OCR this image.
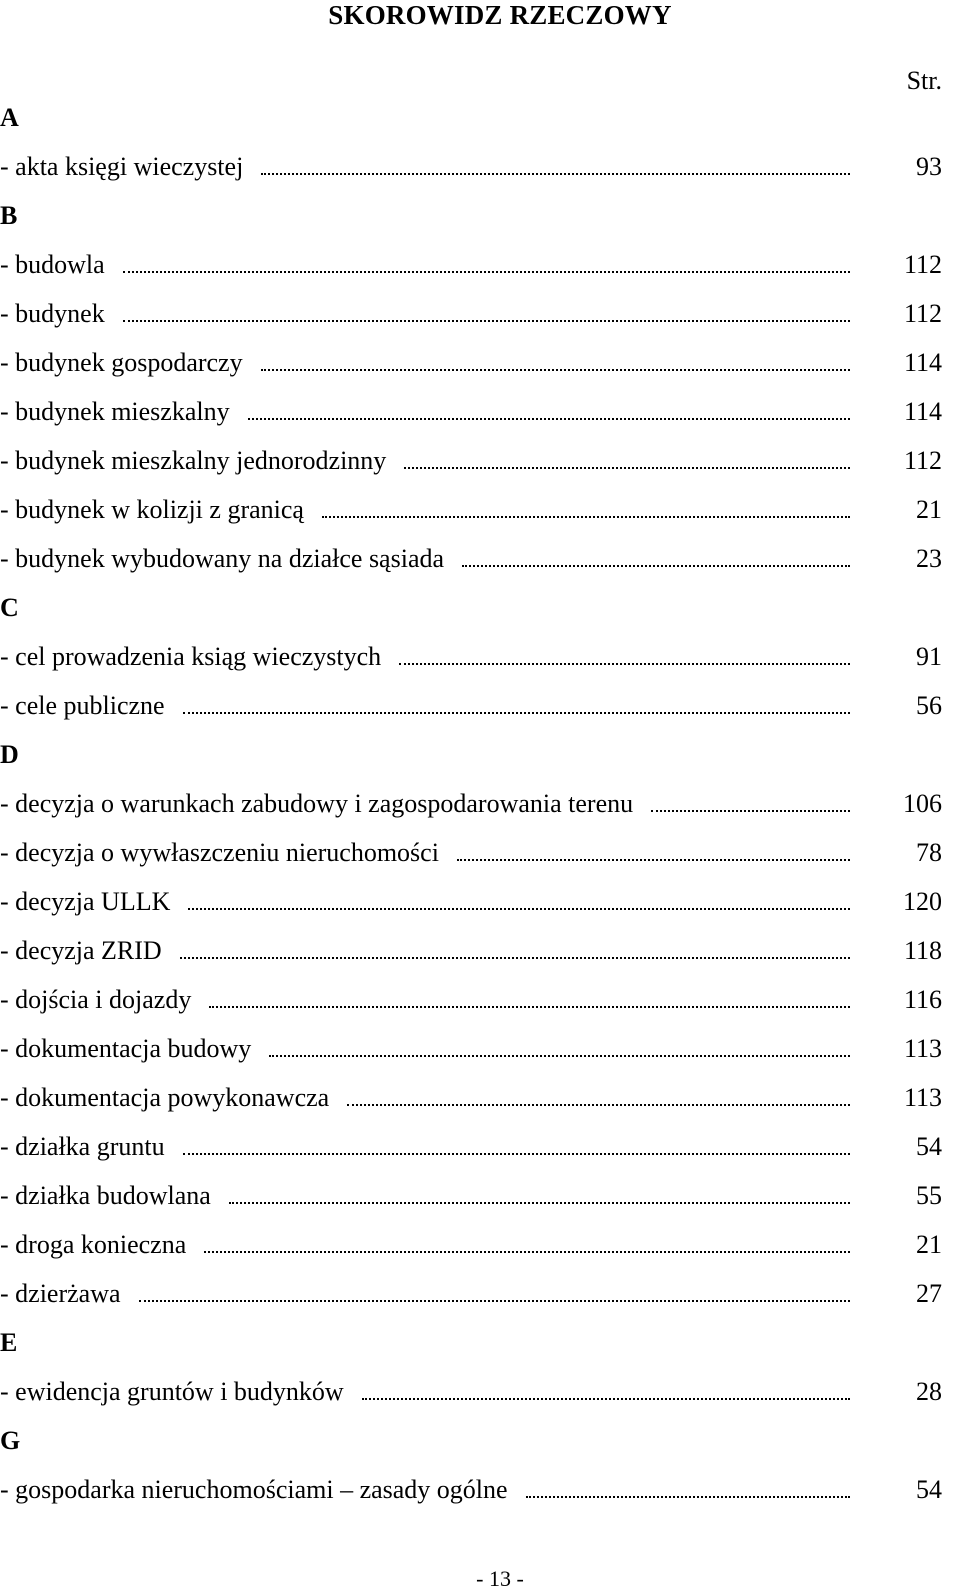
SKOROWIDZ RZECZOWY
Str.
A
- akta księgi wieczystej	93
B
- budowla	112
- budynek	112
- budynek gospodarczy	114
- budynek mieszkalny	114
- budynek mieszkalny jednorodzinny	112
- budynek w kolizji z granicą	21
- budynek wybudowany na działce sąsiada	23
C
- cel prowadzenia ksiąg wieczystych	91
- cele publiczne	56
D
- decyzja o warunkach zabudowy i zagospodarowania terenu	106
- decyzja o wywłaszczeniu nieruchomości	78
- decyzja ULLK	120
- decyzja ZRID	118
- dojścia i dojazdy	116
- dokumentacja budowy	113
- dokumentacja powykonawcza	113
- działka gruntu	54
- działka budowlana	55
- droga konieczna	21
- dzierżawa	27
E
- ewidencja gruntów i budynków	28
G
- gospodarka nieruchomościami – zasady ogólne	54
- 13 -
